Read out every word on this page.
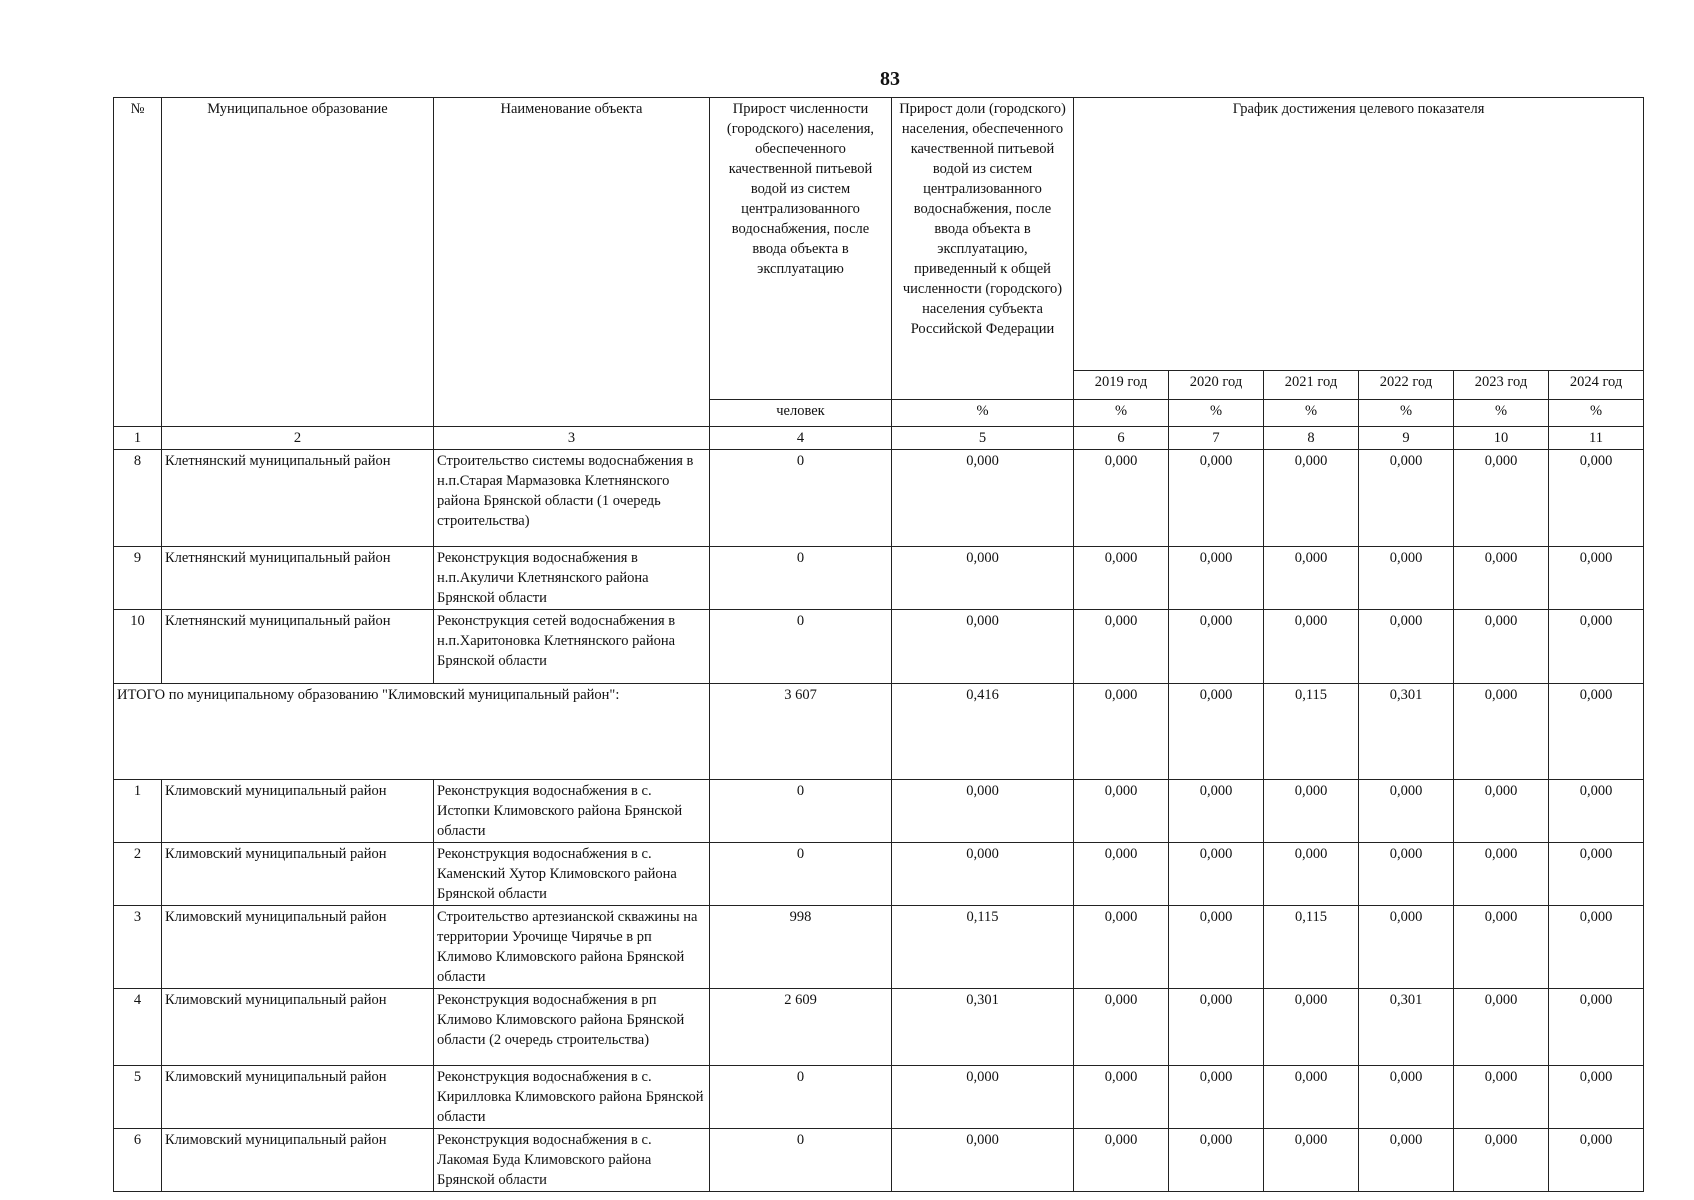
83
№	Муниципальное образование	Наименование объекта	Прирост численности (городского) населения, обеспеченного качественной питьевой водой из систем централизованного водоснабжения, после ввода объекта в эксплуатацию	Прирост доли (городского) населения, обеспеченного качественной питьевой водой из систем централизованного водоснабжения, после ввода объекта в эксплуатацию, приведенный к общей численности (городского) населения субъекта Российской Федерации	График достижения целевого показателя					
					2019 год	2020 год	2021 год	2022 год	2023 год	2024 год
			человек	%	%	%	%	%	%	%
1	2	3	4	5	6	7	8	9	10	11
8	Клетнянский муниципальный район	Строительство системы водоснабжения в н.п.Старая Мармазовка Клетнянского района Брянской области (1 очередь строительства)	0	0,000	0,000	0,000	0,000	0,000	0,000	0,000
9	Клетнянский муниципальный район	Реконструкция водоснабжения в н.п.Акуличи Клетнянского района Брянской области	0	0,000	0,000	0,000	0,000	0,000	0,000	0,000
10	Клетнянский муниципальный район	Реконструкция сетей водоснабжения в н.п.Харитоновка Клетнянского района Брянской области	0	0,000	0,000	0,000	0,000	0,000	0,000	0,000
ИТОГО по муниципальному образованию "Климовский муниципальный район":			3 607	0,416	0,000	0,000	0,115	0,301	0,000	0,000
1	Климовский муниципальный район	Реконструкция водоснабжения в с. Истопки Климовского района Брянской области	0	0,000	0,000	0,000	0,000	0,000	0,000	0,000
2	Климовский муниципальный район	Реконструкция водоснабжения в с. Каменский Хутор Климовского района Брянской области	0	0,000	0,000	0,000	0,000	0,000	0,000	0,000
3	Климовский муниципальный район	Строительство артезианской скважины на территории Урочище Чирячье в рп Климово Климовского района Брянской области	998	0,115	0,000	0,000	0,115	0,000	0,000	0,000
4	Климовский муниципальный район	Реконструкция водоснабжения в рп Климово Климовского района Брянской области (2 очередь строительства)	2 609	0,301	0,000	0,000	0,000	0,301	0,000	0,000
5	Климовский муниципальный район	Реконструкция водоснабжения в с. Кирилловка Климовского района Брянской области	0	0,000	0,000	0,000	0,000	0,000	0,000	0,000
6	Климовский муниципальный район	Реконструкция водоснабжения в с. Лакомая Буда Климовского района Брянской области	0	0,000	0,000	0,000	0,000	0,000	0,000	0,000
